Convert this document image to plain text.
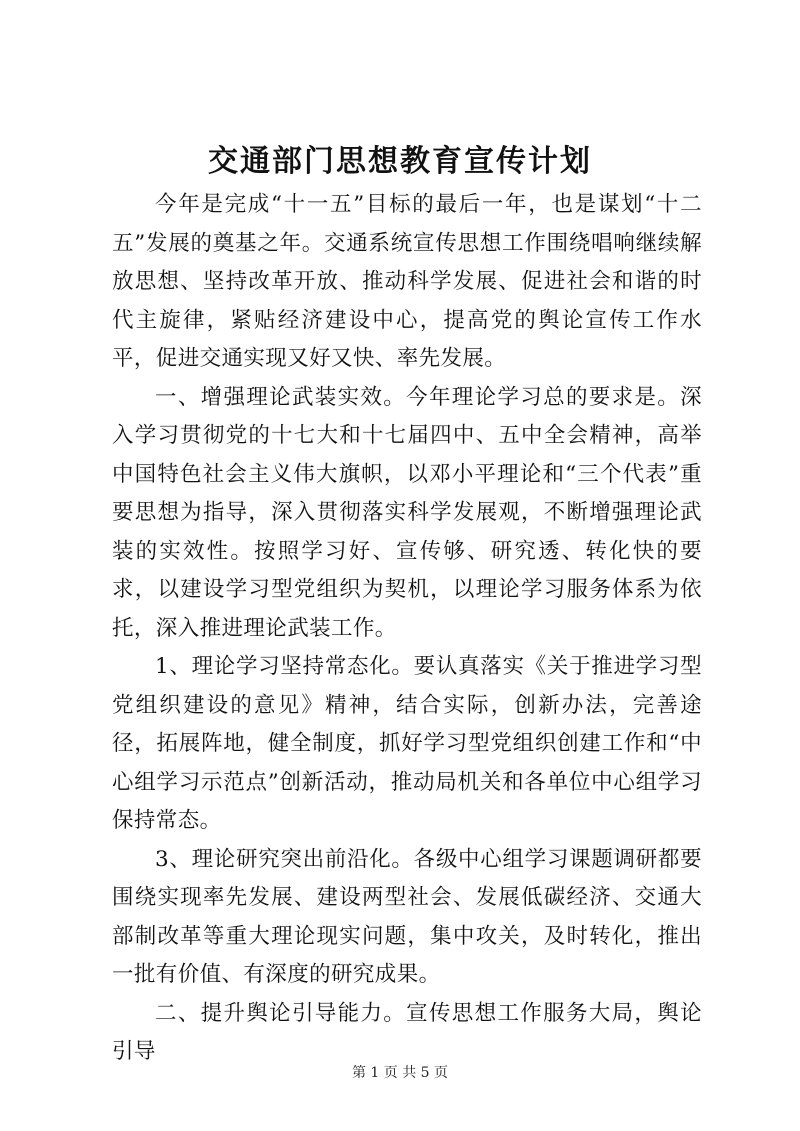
交通部门思想教育宣传计划

今年是完成“十一五”目标的最后一年，也是谋划“十二五”发展的奠基之年。交通系统宣传思想工作围绕唱响继续解放思想、坚持改革开放、推动科学发展、促进社会和谐的时代主旋律，紧贴经济建设中心，提高党的舆论宣传工作水平，促进交通实现又好又快、率先发展。

一、增强理论武装实效。今年理论学习总的要求是。深入学习贯彻党的十七大和十七届四中、五中全会精神，高举中国特色社会主义伟大旗帜，以邓小平理论和“三个代表”重要思想为指导，深入贯彻落实科学发展观，不断增强理论武装的实效性。按照学习好、宣传够、研究透、转化快的要求，以建设学习型党组织为契机，以理论学习服务体系为依托，深入推进理论武装工作。

1、理论学习坚持常态化。要认真落实《关于推进学习型党组织建设的意见》精神，结合实际，创新办法，完善途径，拓展阵地，健全制度，抓好学习型党组织创建工作和“中心组学习示范点”创新活动，推动局机关和各单位中心组学习保持常态。

3、理论研究突出前沿化。各级中心组学习课题调研都要围绕实现率先发展、建设两型社会、发展低碳经济、交通大部制改革等重大理论现实问题，集中攻关，及时转化，推出一批有价值、有深度的研究成果。

二、提升舆论引导能力。宣传思想工作服务大局，舆论引导

第 1 页 共 5 页
